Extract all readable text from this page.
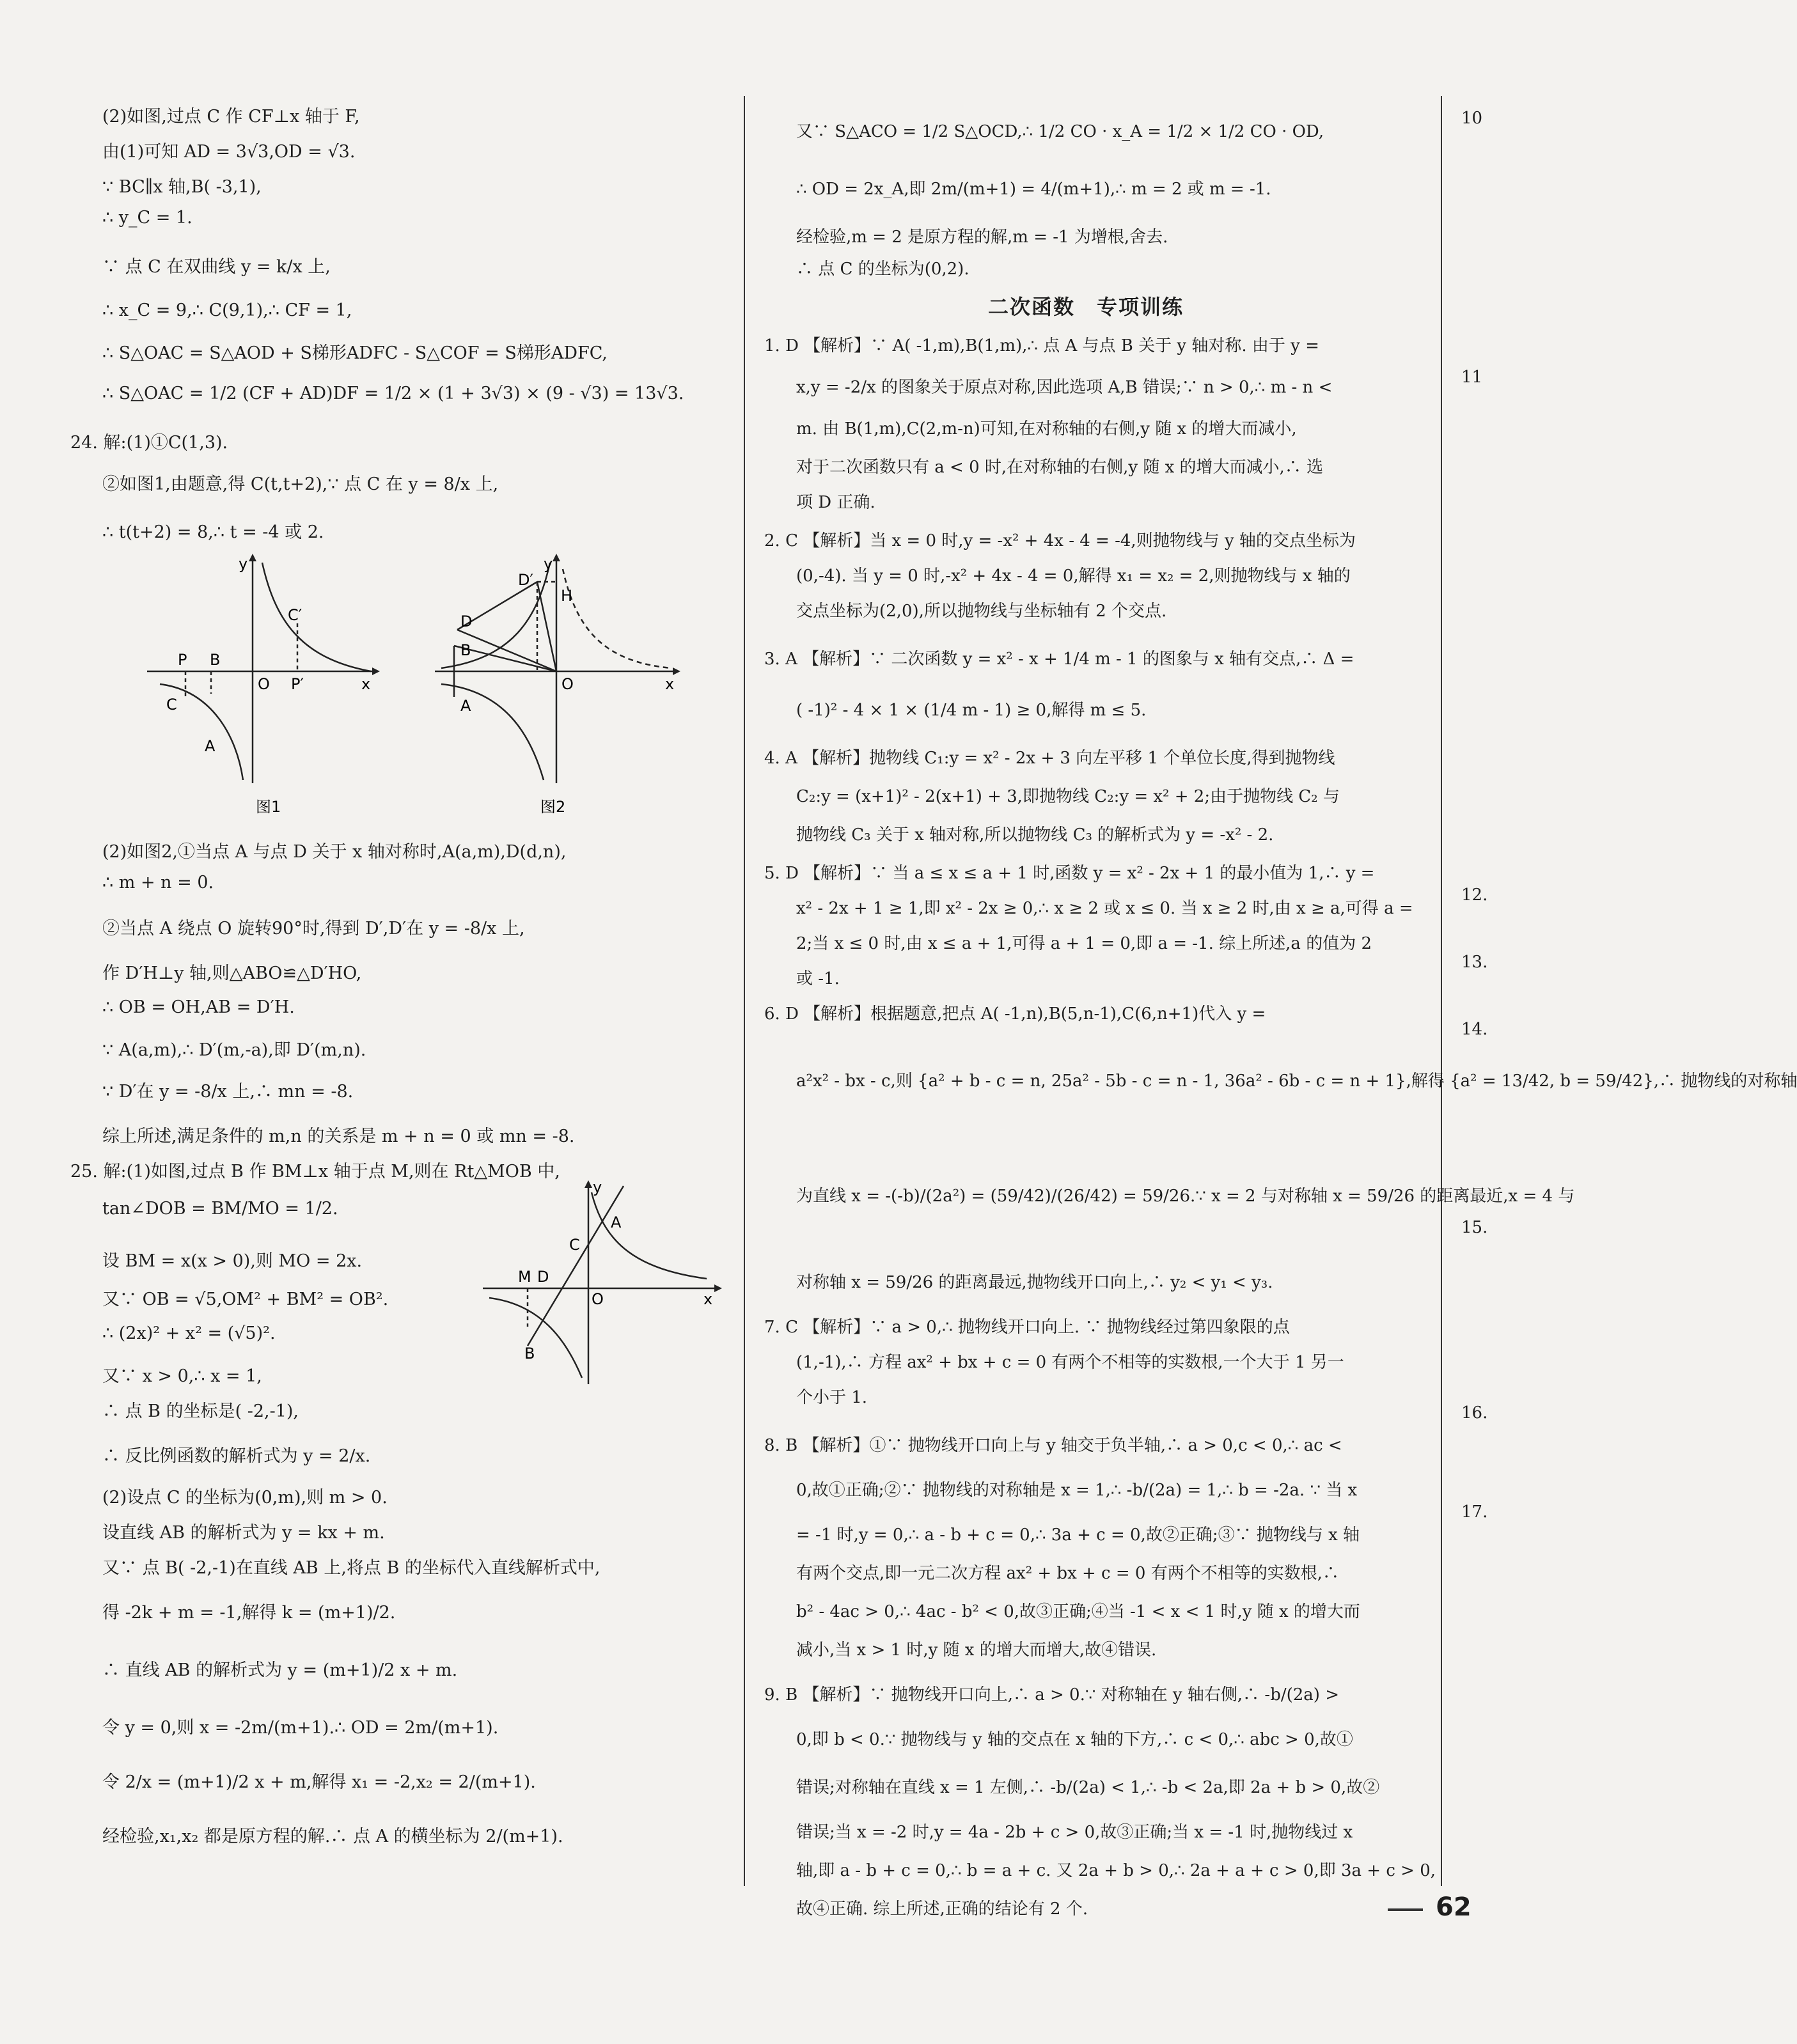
(2)如图,过点 C 作 CF⊥x 轴于 F,
由(1)可知 AD = 3√3,OD = √3.
∵ BC∥x 轴,B( -3,1),
∴ y_C = 1.
∵ 点 C 在双曲线 y = k/x 上,
∴ x_C = 9,∴ C(9,1),∴ CF = 1,
∴ S△OAC = S△AOD + S梯形ADFC - S△COF = S梯形ADFC,
∴ S△OAC = 1/2 (CF + AD)DF = 1/2 × (1 + 3√3) × (9 - √3) = 13√3.
24. 解:(1)①C(1,3).
②如图1,由题意,得 C(t,t+2),∵ 点 C 在 y = 8/x 上,
∴ t(t+2) = 8,∴ t = -4 或 2.
(2)如图2,①当点 A 与点 D 关于 x 轴对称时,A(a,m),D(d,n),
∴ m + n = 0.
②当点 A 绕点 O 旋转90°时,得到 D′,D′在 y = -8/x 上,
作 D′H⊥y 轴,则△ABO≌△D′HO,
∴ OB = OH,AB = D′H.
∵ A(a,m),∴ D′(m,-a),即 D′(m,n).
∵ D′在 y = -8/x 上,∴ mn = -8.
综上所述,满足条件的 m,n 的关系是 m + n = 0 或 mn = -8.
25. 解:(1)如图,过点 B 作 BM⊥x 轴于点 M,则在 Rt△MOB 中,
tan∠DOB = BM/MO = 1/2.
设 BM = x(x > 0),则 MO = 2x.
又∵ OB = √5,OM² + BM² = OB².
∴ (2x)² + x² = (√5)².
又∵ x > 0,∴ x = 1,
∴ 点 B 的坐标是( -2,-1),
∴ 反比例函数的解析式为 y = 2/x.
(2)设点 C 的坐标为(0,m),则 m > 0.
设直线 AB 的解析式为 y = kx + m.
又∵ 点 B( -2,-1)在直线 AB 上,将点 B 的坐标代入直线解析式中,
得 -2k + m = -1,解得 k = (m+1)/2.
∴ 直线 AB 的解析式为 y = (m+1)/2 x + m.
令 y = 0,则 x = -2m/(m+1).∴ OD = 2m/(m+1).
令 2/x = (m+1)/2 x + m,解得 x₁ = -2,x₂ = 2/(m+1).
经检验,x₁,x₂ 都是原方程的解.∴ 点 A 的横坐标为 2/(m+1).
y
C′
P B
O P′	x
C
A
图1
y
D′
H
D
B
O	x
A
图2
y
A
C
M D
O	x
B
又∵ S△ACO = 1/2 S△OCD,∴ 1/2 CO · x_A = 1/2 × 1/2 CO · OD,
∴ OD = 2x_A,即 2m/(m+1) = 4/(m+1),∴ m = 2 或 m = -1.
经检验,m = 2 是原方程的解,m = -1 为增根,舍去.
∴ 点 C 的坐标为(0,2).
二次函数　专项训练
1. D 【解析】∵ A( -1,m),B(1,m),∴ 点 A 与点 B 关于 y 轴对称. 由于 y =
x,y = -2/x 的图象关于原点对称,因此选项 A,B 错误;∵ n > 0,∴ m - n <
m. 由 B(1,m),C(2,m-n)可知,在对称轴的右侧,y 随 x 的增大而减小,
对于二次函数只有 a < 0 时,在对称轴的右侧,y 随 x 的增大而减小,∴ 选
项 D 正确.
2. C 【解析】当 x = 0 时,y = -x² + 4x - 4 = -4,则抛物线与 y 轴的交点坐标为
(0,-4). 当 y = 0 时,-x² + 4x - 4 = 0,解得 x₁ = x₂ = 2,则抛物线与 x 轴的
交点坐标为(2,0),所以抛物线与坐标轴有 2 个交点.
3. A 【解析】∵ 二次函数 y = x² - x + 1/4 m - 1 的图象与 x 轴有交点,∴ Δ =
( -1)² - 4 × 1 × (1/4 m - 1) ≥ 0,解得 m ≤ 5.
4. A 【解析】抛物线 C₁:y = x² - 2x + 3 向左平移 1 个单位长度,得到抛物线
C₂:y = (x+1)² - 2(x+1) + 3,即抛物线 C₂:y = x² + 2;由于抛物线 C₂ 与
抛物线 C₃ 关于 x 轴对称,所以抛物线 C₃ 的解析式为 y = -x² - 2.
5. D 【解析】∵ 当 a ≤ x ≤ a + 1 时,函数 y = x² - 2x + 1 的最小值为 1,∴ y =
x² - 2x + 1 ≥ 1,即 x² - 2x ≥ 0,∴ x ≥ 2 或 x ≤ 0. 当 x ≥ 2 时,由 x ≥ a,可得 a =
2;当 x ≤ 0 时,由 x ≤ a + 1,可得 a + 1 = 0,即 a = -1. 综上所述,a 的值为 2
或 -1.
6. D 【解析】根据题意,把点 A( -1,n),B(5,n-1),C(6,n+1)代入 y =
a²x² - bx - c,则 {a² + b - c = n, 25a² - 5b - c = n - 1, 36a² - 6b - c = n + 1},解得 {a² = 13/42, b = 59/42},∴ 抛物线的对称轴
为直线 x = -(-b)/(2a²) = (59/42)/(26/42) = 59/26.∵ x = 2 与对称轴 x = 59/26 的距离最近,x = 4 与
对称轴 x = 59/26 的距离最远,抛物线开口向上,∴ y₂ < y₁ < y₃.
7. C 【解析】∵ a > 0,∴ 抛物线开口向上. ∵ 抛物线经过第四象限的点
(1,-1),∴ 方程 ax² + bx + c = 0 有两个不相等的实数根,一个大于 1 另一
个小于 1.
8. B 【解析】①∵ 抛物线开口向上与 y 轴交于负半轴,∴ a > 0,c < 0,∴ ac <
0,故①正确;②∵ 抛物线的对称轴是 x = 1,∴ -b/(2a) = 1,∴ b = -2a. ∵ 当 x
= -1 时,y = 0,∴ a - b + c = 0,∴ 3a + c = 0,故②正确;③∵ 抛物线与 x 轴
有两个交点,即一元二次方程 ax² + bx + c = 0 有两个不相等的实数根,∴
b² - 4ac > 0,∴ 4ac - b² < 0,故③正确;④当 -1 < x < 1 时,y 随 x 的增大而
减小,当 x > 1 时,y 随 x 的增大而增大,故④错误.
9. B 【解析】∵ 抛物线开口向上,∴ a > 0.∵ 对称轴在 y 轴右侧,∴ -b/(2a) >
0,即 b < 0.∵ 抛物线与 y 轴的交点在 x 轴的下方,∴ c < 0,∴ abc > 0,故①
错误;对称轴在直线 x = 1 左侧,∴ -b/(2a) < 1,∴ -b < 2a,即 2a + b > 0,故②
错误;当 x = -2 时,y = 4a - 2b + c > 0,故③正确;当 x = -1 时,抛物线过 x
轴,即 a - b + c = 0,∴ b = a + c. 又 2a + b > 0,∴ 2a + a + c > 0,即 3a + c > 0,
故④正确. 综上所述,正确的结论有 2 个.	62
10
11
12.
13.
14.
15.
16.
17.
